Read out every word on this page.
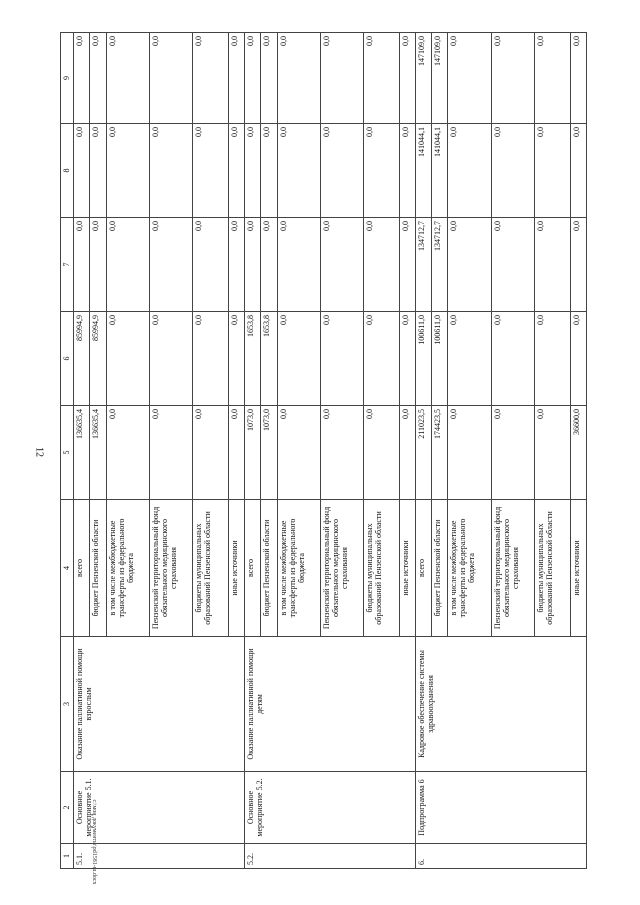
12
c:\мои документы\pd1581-ш.docx
1	2	3	4	5	6	7	8	9
5.1.	Основное мероприятие 5.1.	Оказание паллиативной помощи взрослым	всего	136635,4	85994,9	0,0	0,0	0,0
			бюджет Пензенской области	136635,4	85994,9	0,0	0,0	0,0
			в том числе межбюджетные трансферты из федерального бюджета	0,0	0,0	0,0	0,0	0,0
			Пензенский территориальный фонд обязательного медицинского страхования	0,0	0,0	0,0	0,0	0,0
			бюджеты муниципальных образований Пензенской области	0,0	0,0	0,0	0,0	0,0
			иные источники	0,0	0,0	0,0	0,0	0,0
5.2.	Основное мероприятие 5.2.	Оказание паллиативной помощи детям	всего	1073,0	1653,8	0,0	0,0	0,0
			бюджет Пензенской области	1073,0	1653,8	0,0	0,0	0,0
			в том числе межбюджетные трансферты из федерального бюджета	0,0	0,0	0,0	0,0	0,0
			Пензенский территориальный фонд обязательного медицинского страхования	0,0	0,0	0,0	0,0	0,0
			бюджеты муниципальных образований Пензенской области	0,0	0,0	0,0	0,0	0,0
			иные источники	0,0	0,0	0,0	0,0	0,0
6.	Подпрограмма 6	Кадровое обеспечение системы здравоохранения	всего	211023,5	100611,0	134712,7	141044,1	147109,0
			бюджет Пензенской области	174423,5	100611,0	134712,7	141044,1	147109,0
			в том числе межбюджетные трансферты из федерального бюджета	0,0	0,0	0,0	0,0	0,0
			Пензенский территориальный фонд обязательного медицинского страхования	0,0	0,0	0,0	0,0	0,0
			бюджеты муниципальных образований Пензенской области	0,0	0,0	0,0	0,0	0,0
			иные источники	36600,0	0,0	0,0	0,0	0,0
